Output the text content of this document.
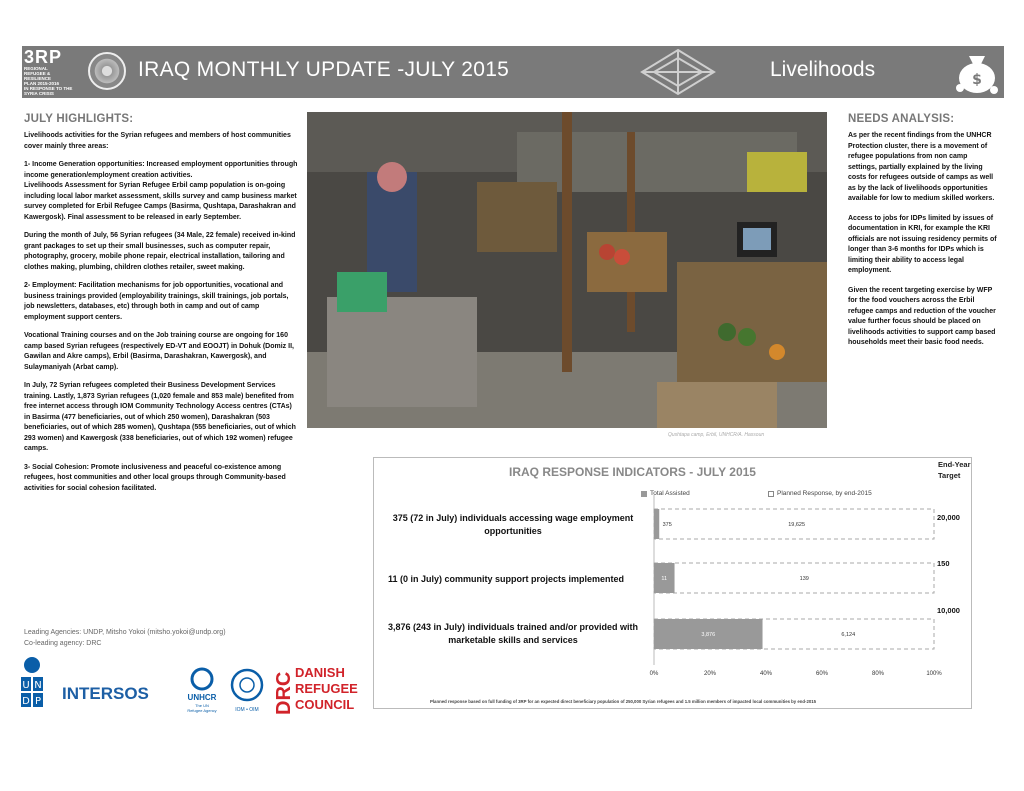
3RP
REGIONAL
REFUGEE &
RESILIENCE
PLAN 2015-2016
IN RESPONSE TO THE SYRIA CRISIS
IRAQ MONTHLY UPDATE -JULY 2015	Livelihoods	$
JULY HIGHLIGHTS:

Livelihoods activities for the Syrian refugees and members of host communities cover mainly three areas:

1- Income Generation opportunities: Increased employment opportunities through income generation/employment creation activities.
Livelihoods Assessment for Syrian Refugee Erbil camp population is on-going including local labor market assessment, skills survey and camp business market survey completed for Erbil Refugee Camps (Basirma, Qushtapa, Darashakran and Kawergosk). Final assessment to be released in early September.

During the month of July, 56 Syrian refugees (34 Male, 22 female) received in-kind grant packages to set up their small businesses, such as computer repair, photography, grocery, mobile phone repair, electrical installation, tailoring and clothes making, plumbing, children clothes retailer, sweet making.

2- Employment: Facilitation mechanisms for job opportunities, vocational and business trainings provided (employability trainings, skill trainings, job portals, job newsletters, databases, etc) through both in camp and out of camp employment support centers.

Vocational Training courses and on the Job training course are ongoing for 160 camp based Syrian refugees (respectively ED-VT and EOOJT) in Dohuk (Domiz II, Gawilan and Akre camps), Erbil (Basirma, Darashakran, Kawergosk), and Sulaymaniyah (Arbat camp).

In July, 72 Syrian refugees completed their Business Development Services training. Lastly, 1,873 Syrian refugees (1,020 female and 853 male) benefited from free internet access through IOM Community Technology Access centres (CTAs) in Basirma (477 beneficiaries, out of which 250 women), Darashakran (503 beneficiaries, out of which 285 women), Qushtapa (555 beneficiaries, out of which 293 women) and Kawergosk (338 beneficiaries, out of which 192 women) refugee camps.

3- Social Cohesion: Promote inclusiveness and peaceful co-existence among refugees, host communities and other local groups through Community-based activities for social cohesion facilitated.

Qushtapa camp, Erbil, UNHCR/A. Hassoun
NEEDS ANALYSIS:

As per the recent findings from the UNHCR Protection cluster, there is a movement of refugee populations from non camp settings, partially explained by the living costs for refugees outside of camps as well as by the lack of livelihoods opportunities available for low to medium skilled workers.

Access to jobs for IDPs limited by issues of documentation in KRI, for example the KRI officials are not issuing residency permits of longer than 3-6 months for IDPs which is limiting their ability to access legal employment.

Given the recent targeting exercise by WFP for the food vouchers across the Erbil refugee camps and reduction of the voucher value further focus should be placed on livelihoods activities to support camp based households meet their basic food needs.

IRAQ RESPONSE INDICATORS - JULY 2015
End-Year Target
Total Assisted	Planned Response, by end-2015
375 (72 in July) individuals accessing wage employment opportunities
11 (0 in July) community support projects implemented
3,876 (243 in July) individuals trained and/or provided with marketable skills and services
20,000
150
10,000
375	19,625
11	139
3,876	6,124
0%	20%	40%	60%	80%	100%
Planned response based on full funding of 3RP for an expected direct beneficiary population of 250,000 Syrian refugees and 1.5 million members of impacted local communities by end-2015
Leading Agencies: UNDP, Mitsho Yokoi (mitsho.yokoi@undp.org)
Co-leading agency: DRC
U N
D P INTERSOS	UNHCR
The UN
Refugee Agency	IOM • OIM DRC DANISH
REFUGEE
COUNCIL
